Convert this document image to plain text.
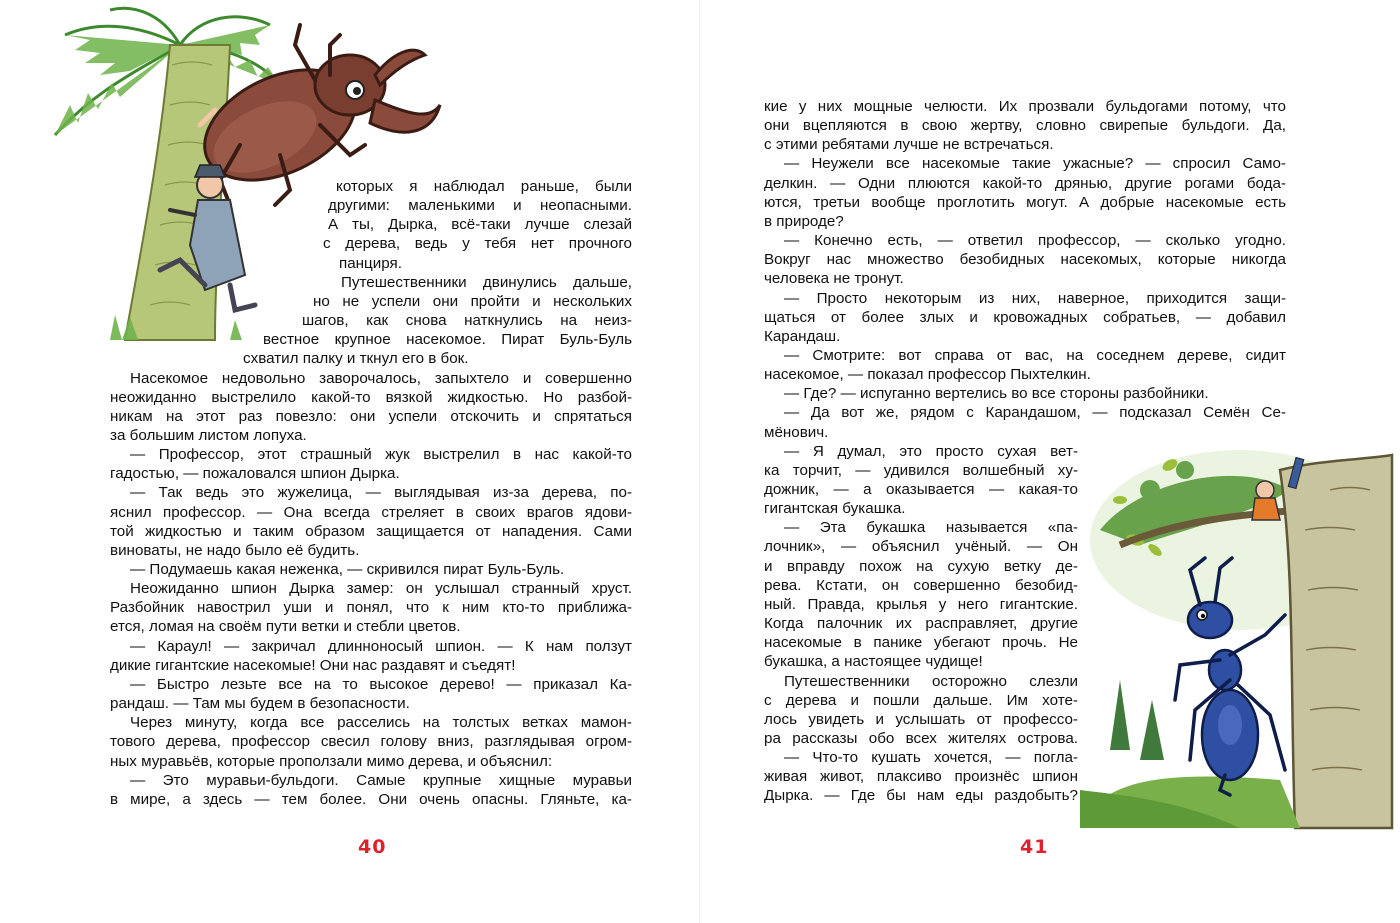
которых я наблюдал раньше, были
другими: маленькими и неопасными.
А ты, Дырка, всё-таки лучше слезай
с дерева, ведь у тебя нет прочного
панциря.
Путешественники двинулись дальше,
но не успели они пройти и нескольких
шагов, как снова наткнулись на неиз-
вестное крупное насекомое. Пират Буль-Буль
схватил палку и ткнул его в бок.
Насекомое недовольно заворочалось, запыхтело и совершенно
неожиданно выстрелило какой-то вязкой жидкостью. Но разбой-
никам на этот раз повезло: они успели отскочить и спрятаться
за большим листом лопуха.
— Профессор, этот страшный жук выстрелил в нас какой-то
гадостью, — пожаловался шпион Дырка.
— Так ведь это жужелица, — выглядывая из-за дерева, по-
яснил профессор. — Она всегда стреляет в своих врагов ядови-
той жидкостью и таким образом защищается от нападения. Сами
виноваты, не надо было её будить.
— Подумаешь какая неженка, — скривился пират Буль-Буль.
Неожиданно шпион Дырка замер: он услышал странный хруст.
Разбойник навострил уши и понял, что к ним кто-то приближа-
ется, ломая на своём пути ветки и стебли цветов.
— Караул! — закричал длинноносый шпион. — К нам ползут
дикие гигантские насекомые! Они нас раздавят и съедят!
— Быстро лезьте все на то высокое дерево! — приказал Ка-
рандаш. — Там мы будем в безопасности.
Через минуту, когда все расселись на толстых ветках мамон-
тового дерева, профессор свесил голову вниз, разглядывая огром-
ных муравьёв, которые проползали мимо дерева, и объяснил:
— Это муравьи-бульдоги. Самые крупные хищные муравьи
в мире, а здесь — тем более. Они очень опасны. Гляньте, ка-
40
кие у них мощные челюсти. Их прозвали бульдогами потому, что
они вцепляются в свою жертву, словно свирепые бульдоги. Да,
с этими ребятами лучше не встречаться.
— Неужели все насекомые такие ужасные? — спросил Само-
делкин. — Одни плюются какой-то дрянью, другие рогами бода-
ются, третьи вообще проглотить могут. А добрые насекомые есть
в природе?
— Конечно есть, — ответил профессор, — сколько угодно.
Вокруг нас множество безобидных насекомых, которые никогда
человека не тронут.
— Просто некоторым из них, наверное, приходится защи-
щаться от более злых и кровожадных собратьев, — добавил
Карандаш.
— Смотрите: вот справа от вас, на соседнем дереве, сидит
насекомое, — показал профессор Пыхтелкин.
— Где? — испуганно вертелись во все стороны разбойники.
— Да вот же, рядом с Карандашом, — подсказал Семён Се-
мёнович.
— Я думал, это просто сухая вет-
ка торчит, — удивился волшебный ху-
дожник, — а оказывается — какая-то
гигантская букашка.
— Эта букашка называется «па-
лочник», — объяснил учёный. — Он
и вправду похож на сухую ветку де-
рева. Кстати, он совершенно безобид-
ный. Правда, крылья у него гигантские.
Когда палочник их расправляет, другие
насекомые в панике убегают прочь. Не
букашка, а настоящее чудище!
Путешественники осторожно слезли
с дерева и пошли дальше. Им хоте-
лось увидеть и услышать от профессо-
ра рассказы обо всех жителях острова.
— Что-то кушать хочется, — погла-
живая живот, плаксиво произнёс шпион
Дырка. — Где бы нам еды раздобыть?
41
